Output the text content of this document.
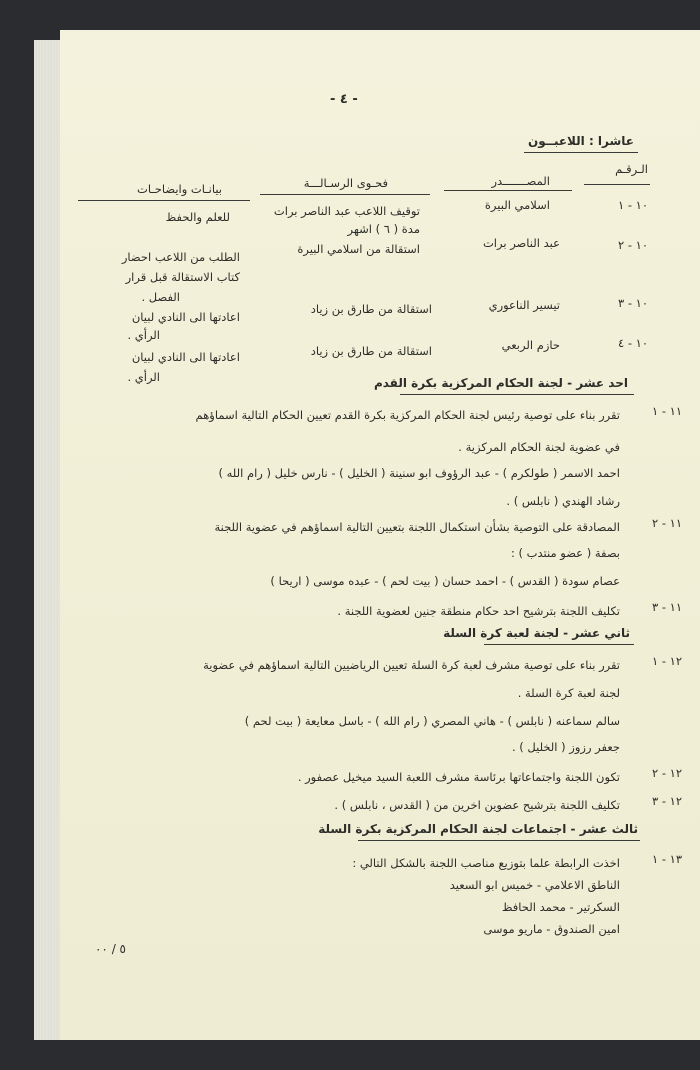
- ٤ -
عاشرا : اللاعبــون
الـرقـم
المصـــــــدر
فحـوى الرسـالـــة
بيانـات وايضاحـات
١٠ - ١
اسلامي البيرة
توقيف اللاعب عبد الناصر برات
مدة ( ٦ ) اشهر
للعلم والحفظ
١٠ - ٢
عبد الناصر برات
استقالة من اسلامي البيرة
الطلب من اللاعب احضار
كتاب الاستقالة قبل قرار
الفصل .	١٠ - ٣
تيسير الناعوري
استقالة من طارق بن زياد
اعادتها الى النادي لبيان
الرأي .
١٠ - ٤
حازم الربعي
استقالة من طارق بن زياد
اعادتها الى النادي لبيان
الرأي .	احد عشر - لجنة الحكام المركزية بكرة القدم
١١ - ١
تقرر بناء على توصية رئيس لجنة الحكام المركزية بكرة القدم تعيين الحكام التالية اسماؤهم
في عضوية لجنة الحكام المركزية .
احمد الاسمر ( طولكرم ) - عبد الرؤوف ابو سنينة ( الخليل ) - نارس خليل ( رام الله )
رشاد الهندي ( نابلس ) .
١١ - ٢
المصادقة على التوصية بشأن استكمال اللجنة بتعيين التالية اسماؤهم في عضوية اللجنة
بصفة ( عضو منتدب ) :
عصام سودة ( القدس ) - احمد حسان ( بيت لحم ) - عبده موسى ( اريحا )
١١ - ٣
تكليف اللجنة بترشيح احد حكام منطقة جنين لعضوية اللجنة .
ثاني عشر - لجنة لعبة كرة السلة
١٢ - ١
تقرر بناء على توصية مشرف لعبة كرة السلة تعيين الرياضيين التالية اسماؤهم في عضوية
لجنة لعبة كرة السلة .
سالم سماعنه ( نابلس ) - هاني المصري ( رام الله ) - باسل معايعة ( بيت لحم )
جعفر رزوز ( الخليل ) .
١٢ - ٢
تكون اللجنة واجتماعاتها برئاسة مشرف اللعبة السيد ميخيل عصفور .
١٢ - ٣
تكليف اللجنة بترشيح عضوين اخرين من ( القدس ، نابلس ) .
ثالث عشر - اجتماعات لجنة الحكام المركزية بكرة السلة
١٣ - ١
اخذت الرابطة علما بتوزيع مناصب اللجنة بالشكل التالي :
الناطق الاعلامي - خميس ابو السعيد
السكرتير - محمد الحافظ
امين الصندوق - ماريو موسى
٥ / ٠٠
